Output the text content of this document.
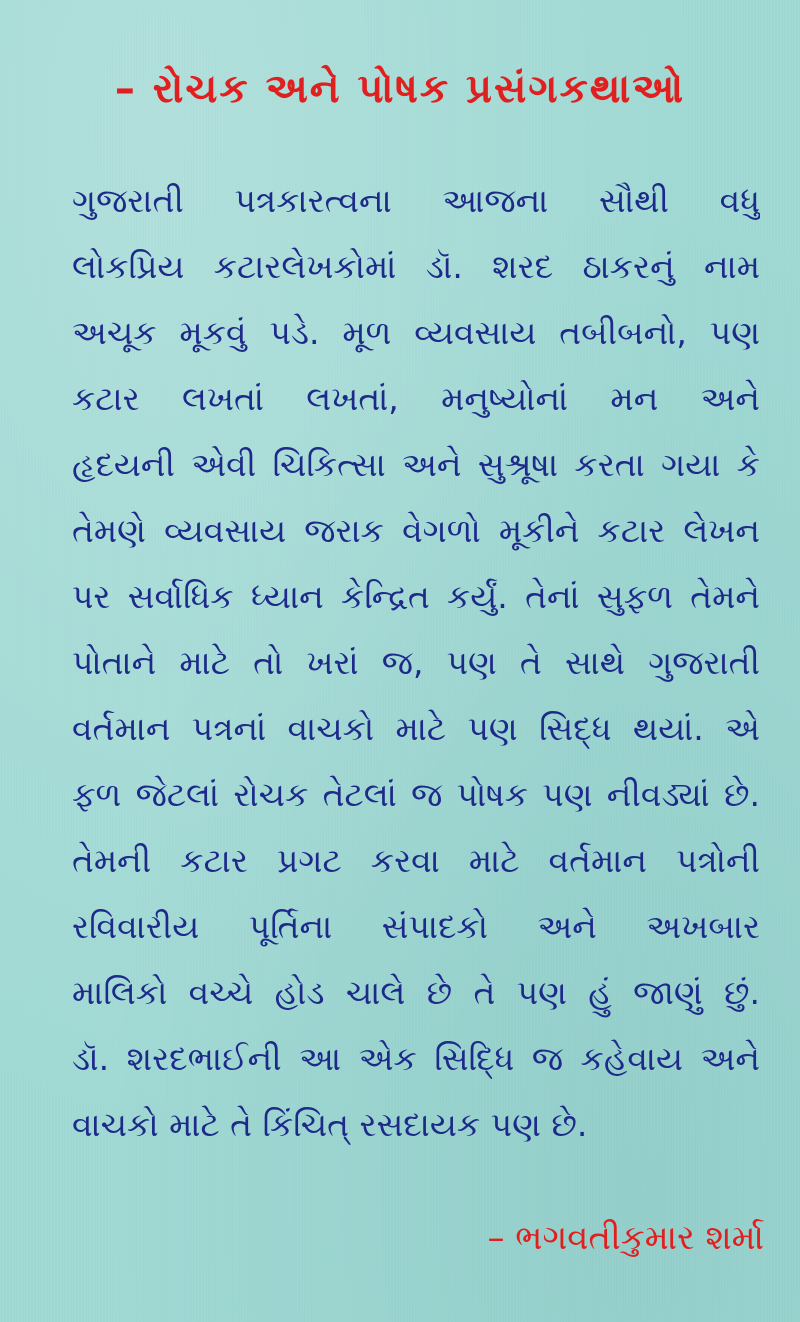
– રોચક અને પોષક પ્રસંગકથાઓ
ગુજરાતી પત્રકારત્વના આજના સૌથી વધુ
લોકપ્રિય કટારલેખકોમાં ડૉ. શરદ ઠાકરનું નામ
અચૂક મૂકવું પડે. મૂળ વ્યવસાય તબીબનો, પણ
કટાર લખતાં લખતાં, મનુષ્યોનાં મન અને
હૃદયની એવી ચિકિત્સા અને સુશ્રૂષા કરતા ગયા કે
તેમણે વ્યવસાય જરાક વેગળો મૂકીને કટાર લેખન
પર સર્વાધિક ધ્યાન કેન્દ્રિત કર્યું. તેનાં સુફળ તેમને
પોતાને માટે તો ખરાં જ, પણ તે સાથે ગુજરાતી
વર્તમાન પત્રનાં વાચકો માટે પણ સિદ્ધ થયાં. એ
ફળ જેટલાં રોચક તેટલાં જ પોષક પણ નીવડ્યાં છે.
તેમની કટાર પ્રગટ કરવા માટે વર્તમાન પત્રોની
રવિવારીય પૂર્તિના સંપાદકો અને અખબાર
માલિકો વચ્ચે હોડ ચાલે છે તે પણ હું જાણું છું.
ડૉ. શરદભાઈની આ એક સિદ્ધિ જ કહેવાય અને
વાચકો માટે તે કિંચિત્ રસદાયક પણ છે.
– ભગવતીકુમાર શર્મા
